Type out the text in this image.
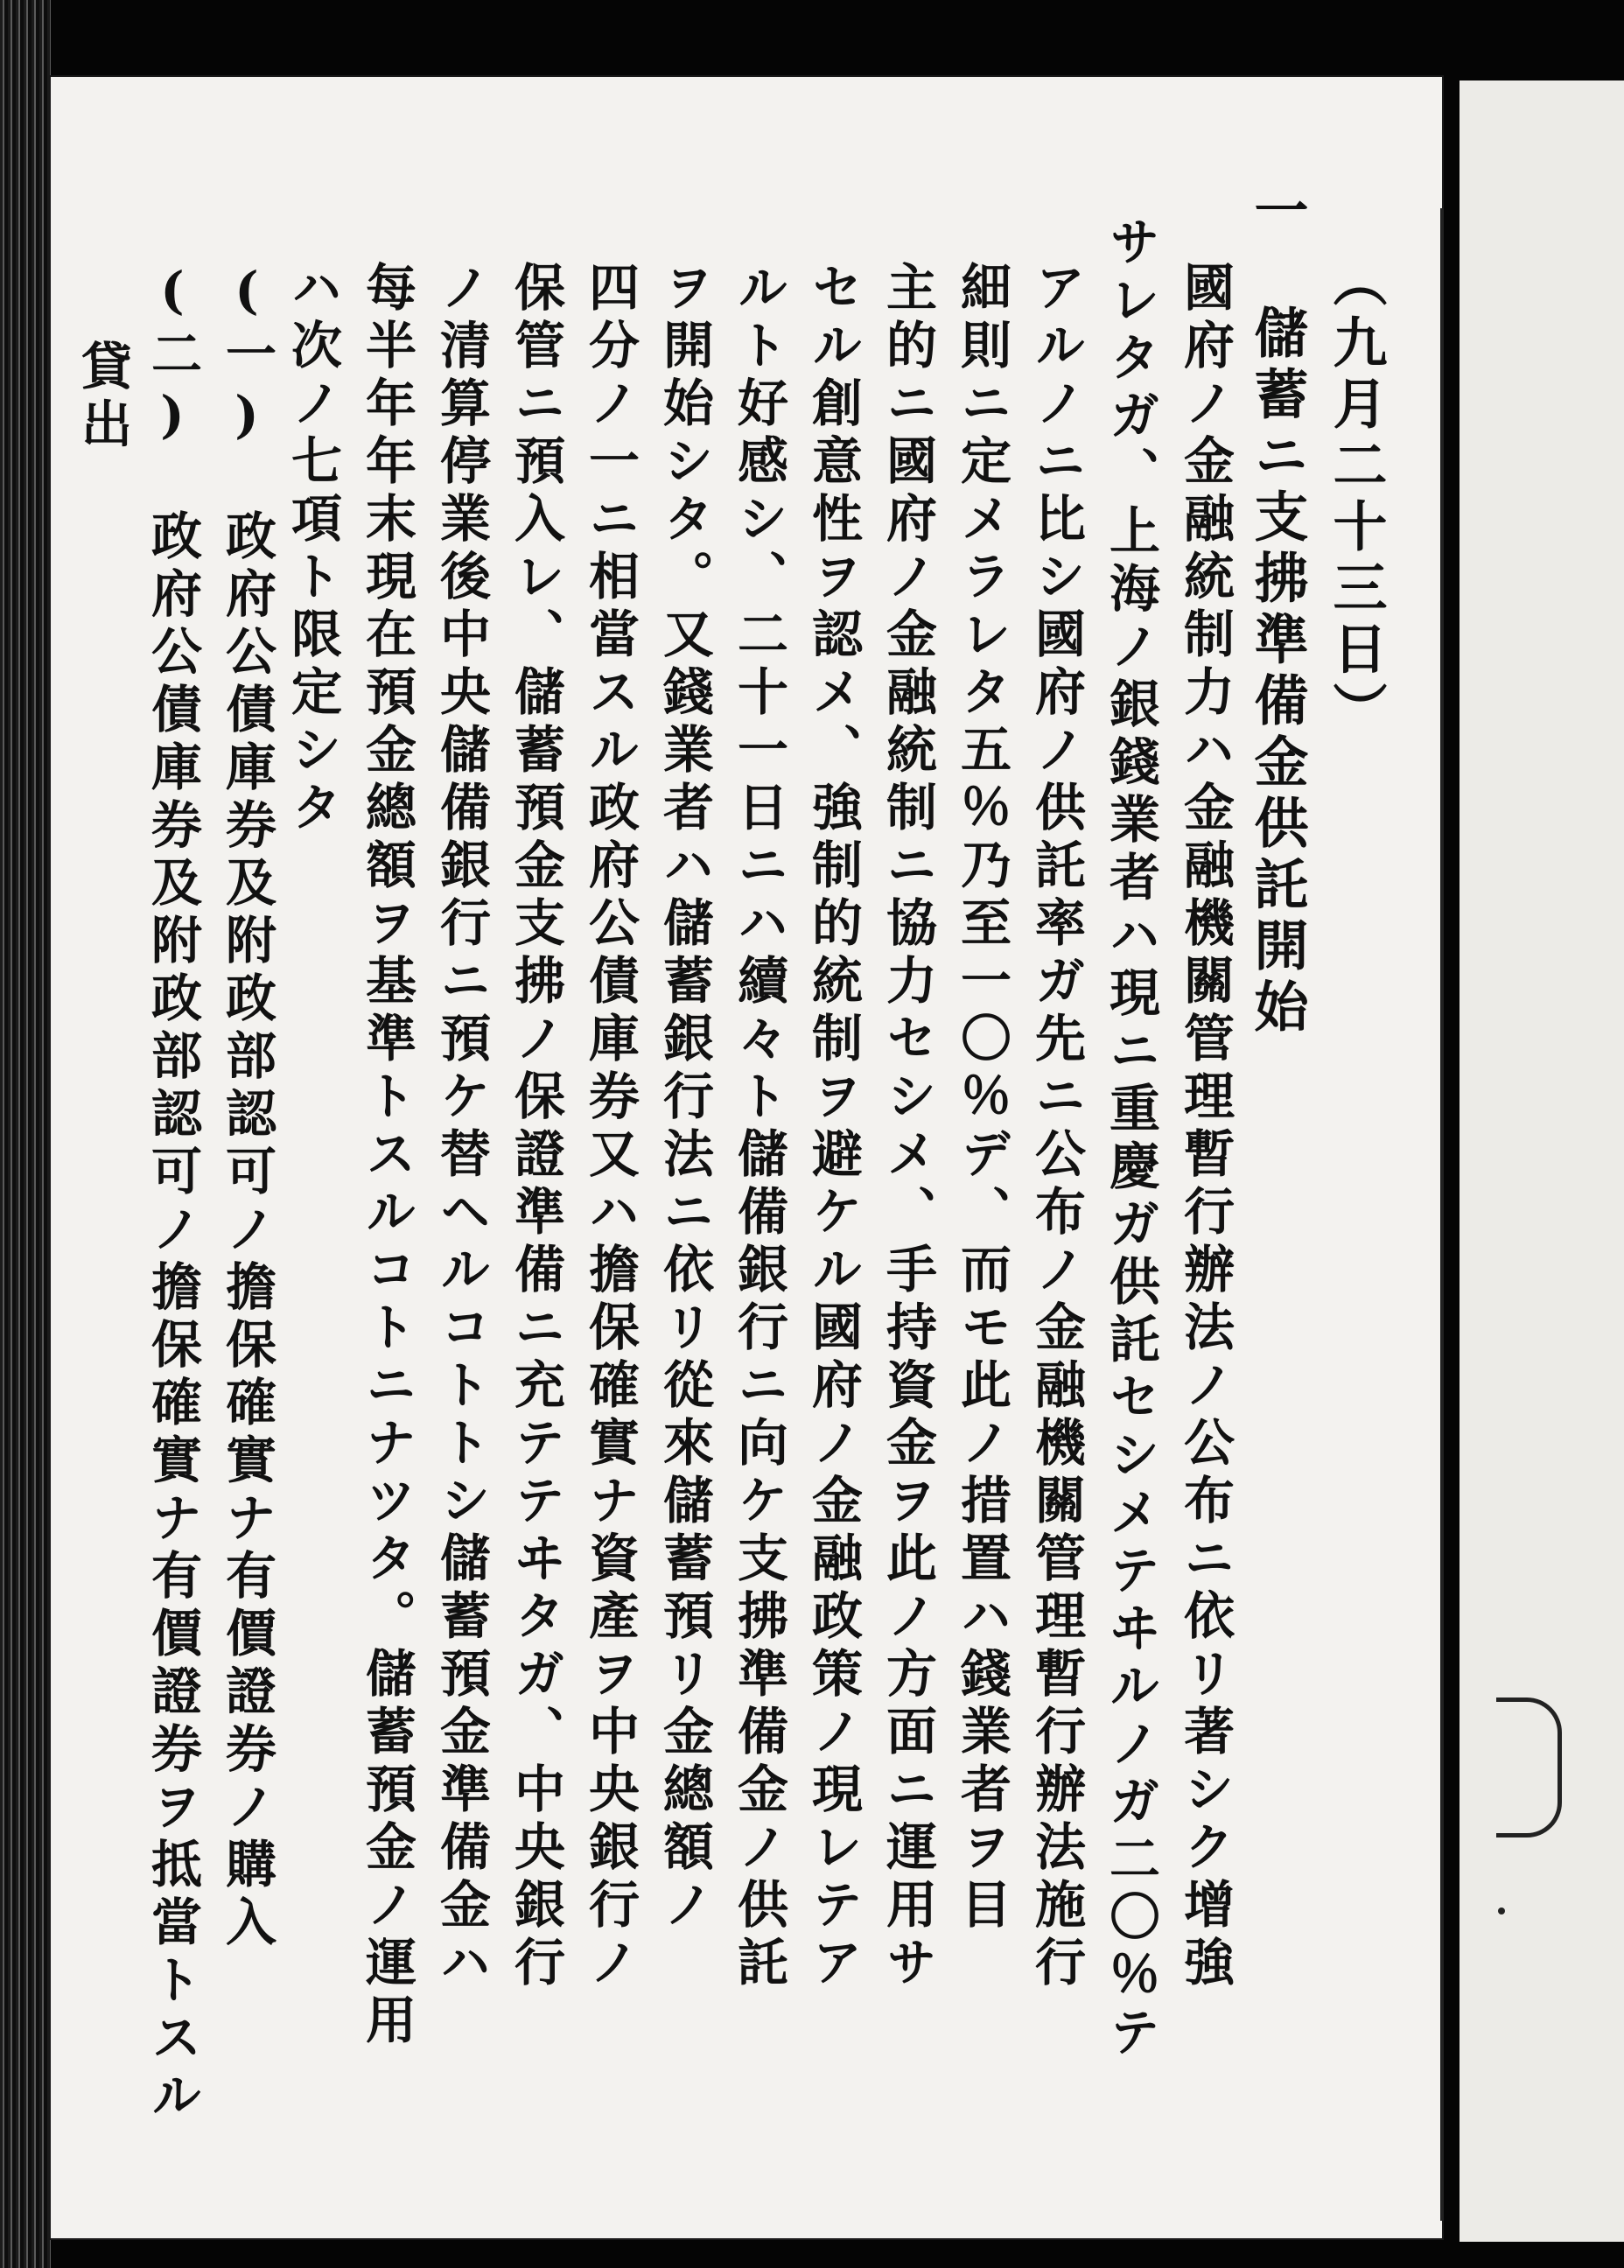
　　（九月二十三日）
一　儲蓄ニ支拂準備金供託開始
國府ノ金融統制力ハ金融機關管理暫行辦法ノ公布ニ依リ著シク增強
サレタガ、上海ノ銀錢業者ハ現ニ重慶ガ供託セシメテヰルノガ二〇％テ
アルノニ比シ國府ノ供託率ガ先ニ公布ノ金融機關管理暫行辦法施行
細則ニ定メラレタ五％乃至一〇％デ、而モ此ノ措置ハ錢業者ヲ目
主的ニ國府ノ金融統制ニ協力セシメ、手持資金ヲ此ノ方面ニ運用サ
セル創意性ヲ認メ、強制的統制ヲ避ケル國府ノ金融政策ノ現レテア
ルト好感シ、二十一日ニハ續々ト儲備銀行ニ向ケ支拂準備金ノ供託
ヲ開始シタ。又錢業者ハ儲蓄銀行法ニ依リ從來儲蓄預リ金總額ノ
四分ノ一ニ相當スル政府公債庫券又ハ擔保確實ナ資產ヲ中央銀行ノ
保管ニ預入レ、儲蓄預金支拂ノ保證準備ニ充テテヰタガ、中央銀行
ノ清算停業後中央儲備銀行ニ預ケ替ヘルコトトシ儲蓄預金準備金ハ
每半年年末現在預金總額ヲ基準トスルコトニナツタ。儲蓄預金ノ運用
ハ次ノ七項ト限定シタ
(一)　政府公債庫券及附政部認可ノ擔保確實ナ有價證券ノ購入
(二)　政府公債庫券及附政部認可ノ擔保確實ナ有價證券ヲ抵當トスル
貸出
